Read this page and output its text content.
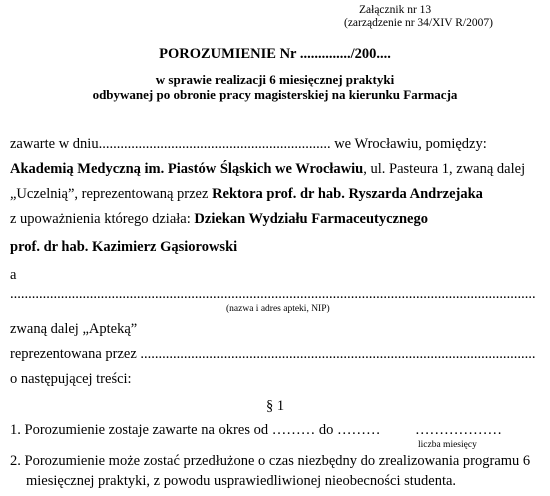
Załącznik nr 13
(zarządzenie nr 34/XIV R/2007)
POROZUMIENIE Nr ............../200....
w sprawie realizacji 6 miesięcznej praktyki
odbywanej po obronie pracy magisterskiej na kierunku Farmacja
zawarte w dniu................................................................ we Wrocławiu, pomiędzy:
Akademią Medyczną im. Piastów Śląskich we Wrocławiu, ul. Pasteura 1, zwaną dalej
„Uczelnią”, reprezentowaną przez Rektora prof. dr hab. Ryszarda Andrzejaka
z upoważnienia którego działa: Dziekan Wydziału Farmaceutycznego
prof. dr hab. Kazimierz Gąsiorowski
a
.................................................................................................................................................
(nazwa i adres apteki, NIP)
zwaną dalej „Apteką”
reprezentowana przez .............................................................................................................
o następującej treści:
§ 1
1. Porozumienie zostaje zawarte na okres od ……… do ……… ………………
liczba miesięcy
2. Porozumienie może zostać przedłużone o czas niezbędny do zrealizowania programu 6
miesięcznej praktyki, z powodu usprawiedliwionej nieobecności studenta.
